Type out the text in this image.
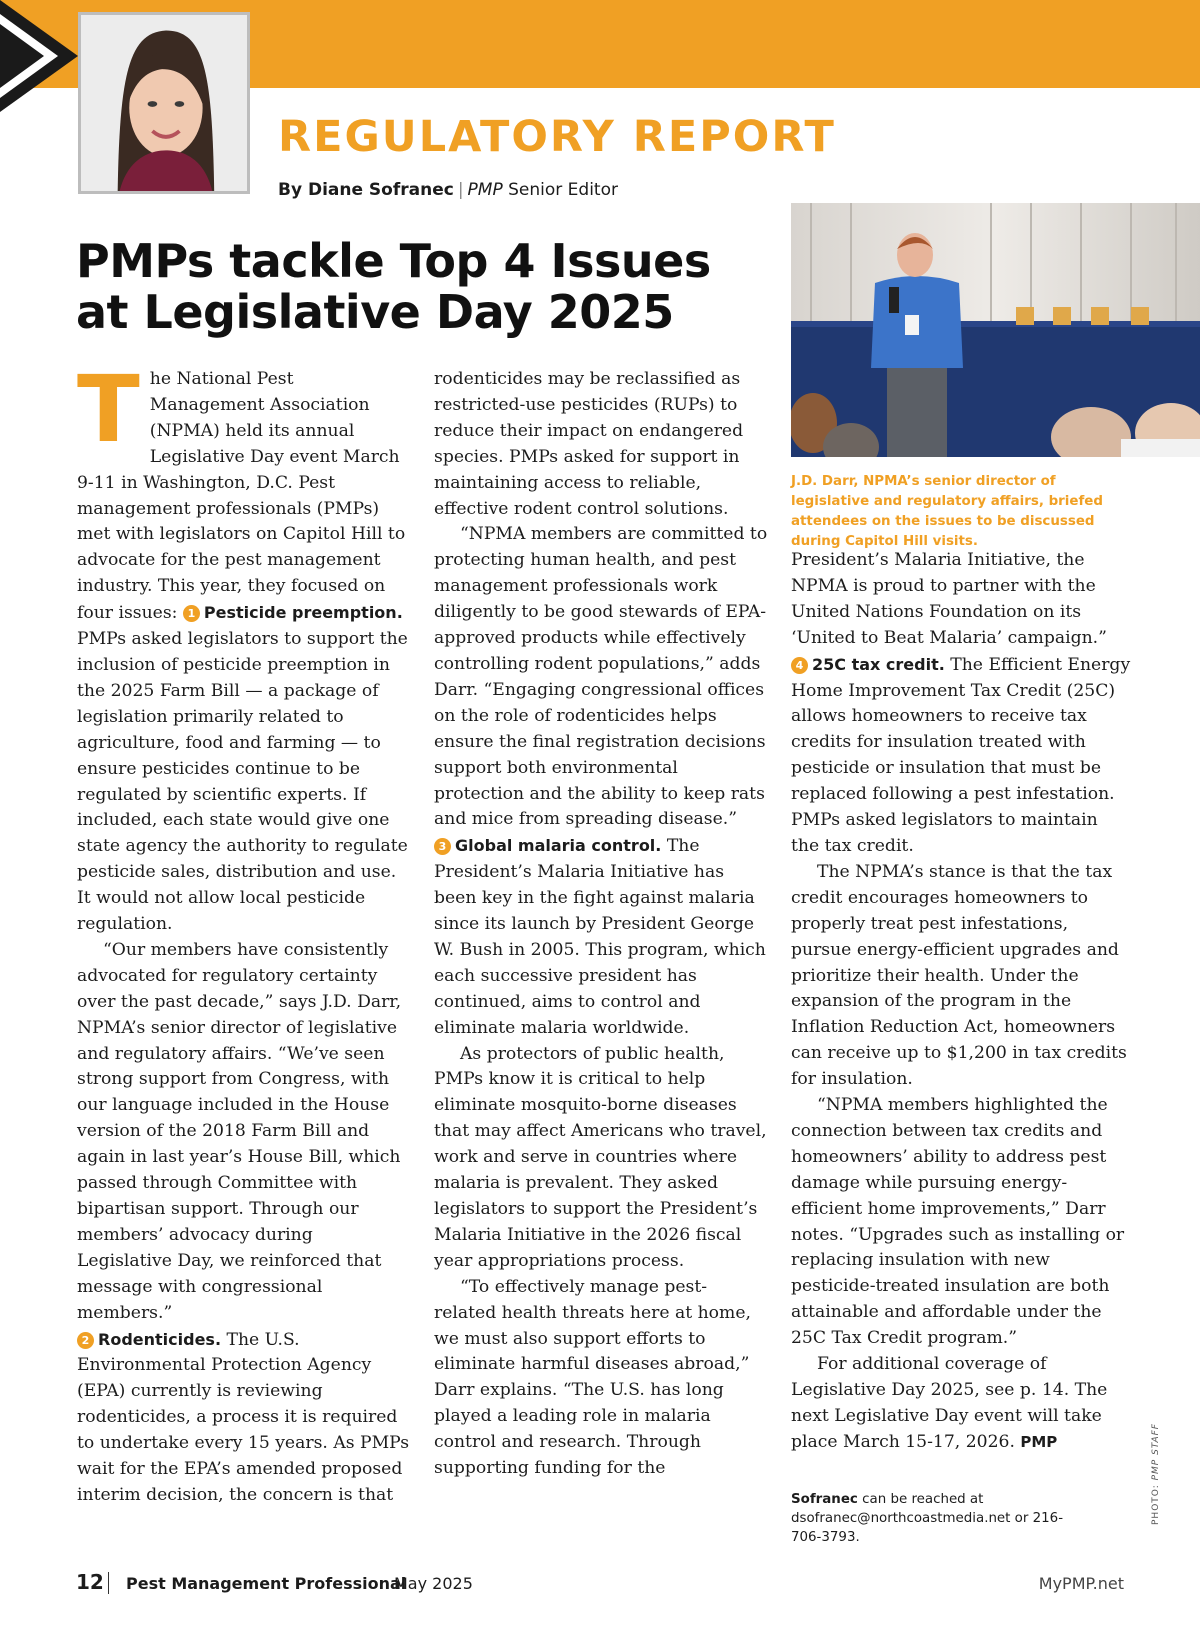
REGULATORY REPORT
By Diane Sofranec | PMP Senior Editor
PMPs tackle Top 4 Issues
at Legislative Day 2025
J.D. Darr, NPMA’s senior director of legislative and regulatory affairs, briefed attendees on the issues to be discussed during Capitol Hill visits.

The National Pest Management Association (NPMA) held its annual Legislative Day event March 9-11 in Washington, D.C. Pest management professionals (PMPs) met with legislators on Capitol Hill to advocate for the pest management industry. This year, they focused on four issues: 1 Pesticide preemption. PMPs asked legislators to support the inclusion of pesticide preemption in the 2025 Farm Bill — a package of legislation primarily related to agriculture, food and farming — to ensure pesticides continue to be regulated by scientific experts. If included, each state would give one state agency the authority to regulate pesticide sales, distribution and use. It would not allow local pesticide regulation.

“Our members have consistently advocated for regulatory certainty over the past decade,” says J.D. Darr, NPMA’s senior director of legislative and regulatory affairs. “We’ve seen strong support from Congress, with our language included in the House version of the 2018 Farm Bill and again in last year’s House Bill, which passed through Committee with bipartisan support. Through our members’ advocacy during Legislative Day, we reinforced that message with congressional members.”

2 Rodenticides. The U.S. Environmental Protection Agency (EPA) currently is reviewing rodenticides, a process it is required to undertake every 15 years. As PMPs wait for the EPA’s amended proposed interim decision, the concern is that

rodenticides may be reclassified as restricted-use pesticides (RUPs) to reduce their impact on endangered species. PMPs asked for support in maintaining access to reliable, effective rodent control solutions.

“NPMA members are committed to protecting human health, and pest management professionals work diligently to be good stewards of EPA-approved products while effectively controlling rodent populations,” adds Darr. “Engaging congressional offices on the role of rodenticides helps ensure the final registration decisions support both environmental protection and the ability to keep rats and mice from spreading disease.”

3 Global malaria control. The President’s Malaria Initiative has been key in the fight against malaria since its launch by President George W. Bush in 2005. This program, which each successive president has continued, aims to control and eliminate malaria worldwide.

As protectors of public health, PMPs know it is critical to help eliminate mosquito-borne diseases that may affect Americans who travel, work and serve in countries where malaria is prevalent. They asked legislators to support the President’s Malaria Initiative in the 2026 fiscal year appropriations process.

“To effectively manage pest-related health threats here at home, we must also support efforts to eliminate harmful diseases abroad,” Darr explains. “The U.S. has long played a leading role in malaria control and research. Through supporting funding for the

President’s Malaria Initiative, the NPMA is proud to partner with the United Nations Foundation on its ‘United to Beat Malaria’ campaign.”

4 25C tax credit. The Efficient Energy Home Improvement Tax Credit (25C) allows homeowners to receive tax credits for insulation treated with pesticide or insulation that must be replaced following a pest infestation. PMPs asked legislators to maintain the tax credit.

The NPMA’s stance is that the tax credit encourages homeowners to properly treat pest infestations, pursue energy-efficient upgrades and prioritize their health. Under the expansion of the program in the Inflation Reduction Act, homeowners can receive up to $1,200 in tax credits for insulation.

“NPMA members highlighted the connection between tax credits and homeowners’ ability to address pest damage while pursuing energy-efficient home improvements,” Darr notes. “Upgrades such as installing or replacing insulation with new pesticide-treated insulation are both attainable and affordable under the 25C Tax Credit program.”

For additional coverage of Legislative Day 2025, see p. 14. The next Legislative Day event will take place March 15-17, 2026. PMP

Sofranec can be reached at dsofranec@northcoastmedia.net or 216-706-3793.
PHOTO: PMP STAFF
12 Pest Management Professional
May 2025	MyPMP.net
